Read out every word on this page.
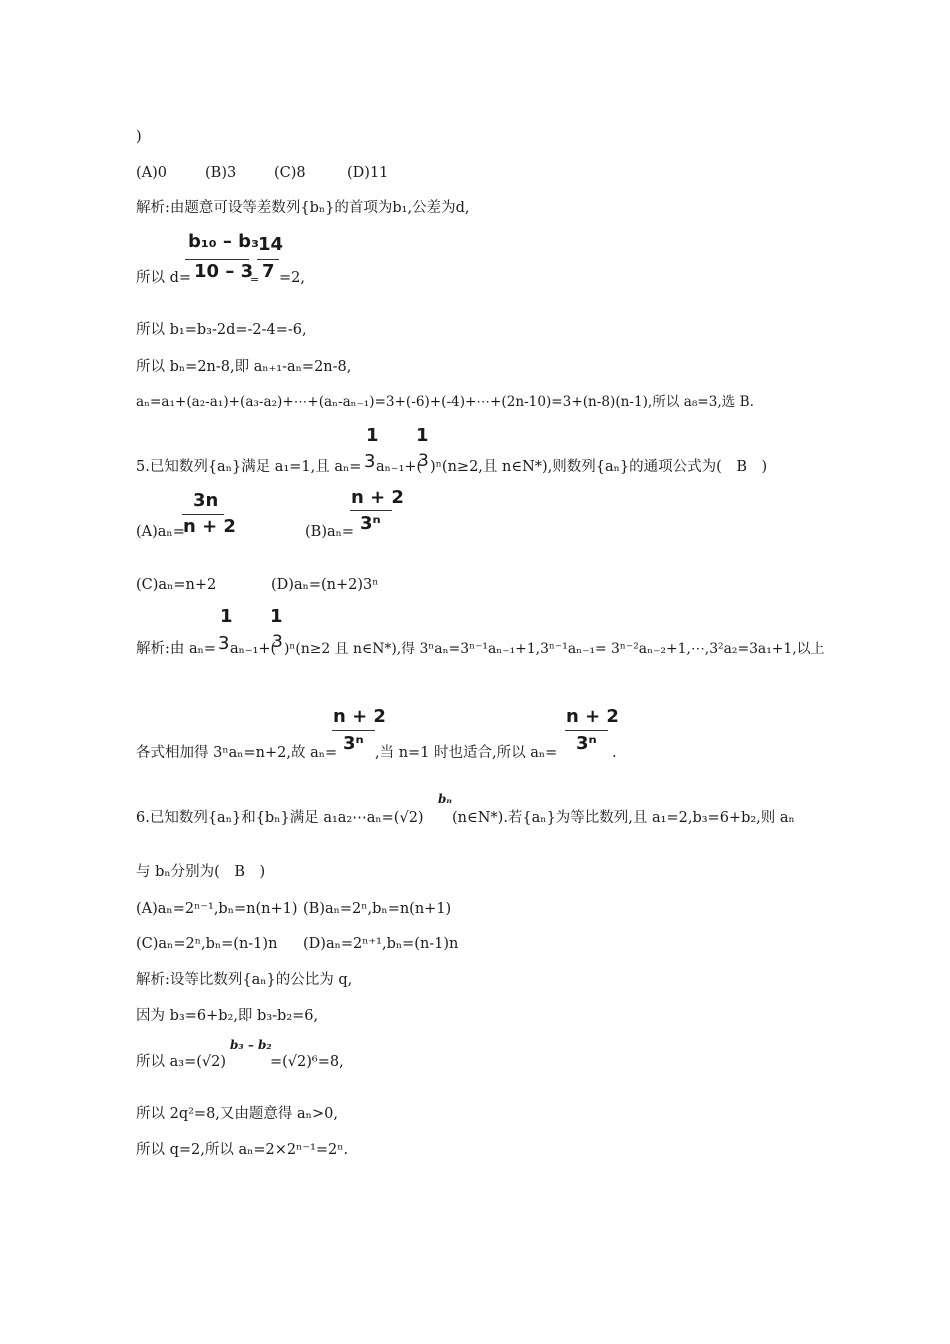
)
(A)0	(B)3	(C)8	(D)11
解析:由题意可设等差数列{bₙ}的首项为b₁,公差为d,
所以 d=
b₁₀ – b₃
10 – 3
=
14
7 =2,
所以 b₁=b₃-2d=-2-4=-6,
所以 bₙ=2n-8,即 aₙ₊₁-aₙ=2n-8,
aₙ=a₁+(a₂-a₁)+(a₃-a₂)+⋯+(aₙ-aₙ₋₁)=3+(-6)+(-4)+⋯+(2n-10)=3+(n-8)(n-1),所以 a₈=3,选 B.
1
3
1
5.已知数列{aₙ}满足 a₁=1,且 aₙ= aₙ₋₁+(
3 )ⁿ(n≥2,且 n∈N*),则数列{aₙ}的通项公式为(　B　)
3n
n + 2
(A)aₙ=
n + 2
3ⁿ
(B)aₙ=
(C)aₙ=n+2	(D)aₙ=(n+2)3ⁿ
1
3
1
解析:由 aₙ= aₙ₋₁+(
3 )ⁿ(n≥2 且 n∈N*),得 3ⁿaₙ=3ⁿ⁻¹aₙ₋₁+1,3ⁿ⁻¹aₙ₋₁= 3ⁿ⁻²aₙ₋₂+1,⋯,3²a₂=3a₁+1,以上
n + 2
3ⁿ
n + 2
3ⁿ
各式相加得 3ⁿaₙ=n+2,故 aₙ=	,当 n=1 时也适合,所以 aₙ=	.
6.已知数列{aₙ}和{bₙ}满足 a₁a₂⋯aₙ=(√2)
bₙ
(n∈N*).若{aₙ}为等比数列,且 a₁=2,b₃=6+b₂,则 aₙ
与 bₙ分别为(　B　)
(A)aₙ=2ⁿ⁻¹,bₙ=n(n+1) (B)aₙ=2ⁿ,bₙ=n(n+1)
(C)aₙ=2ⁿ,bₙ=(n-1)n (D)aₙ=2ⁿ⁺¹,bₙ=(n-1)n
解析:设等比数列{aₙ}的公比为 q,
因为 b₃=6+b₂,即 b₃-b₂=6,
所以 a₃=(√2)
b₃ – b₂
=(√2)⁶=8,
所以 2q²=8,又由题意得 aₙ>0,
所以 q=2,所以 aₙ=2×2ⁿ⁻¹=2ⁿ.
